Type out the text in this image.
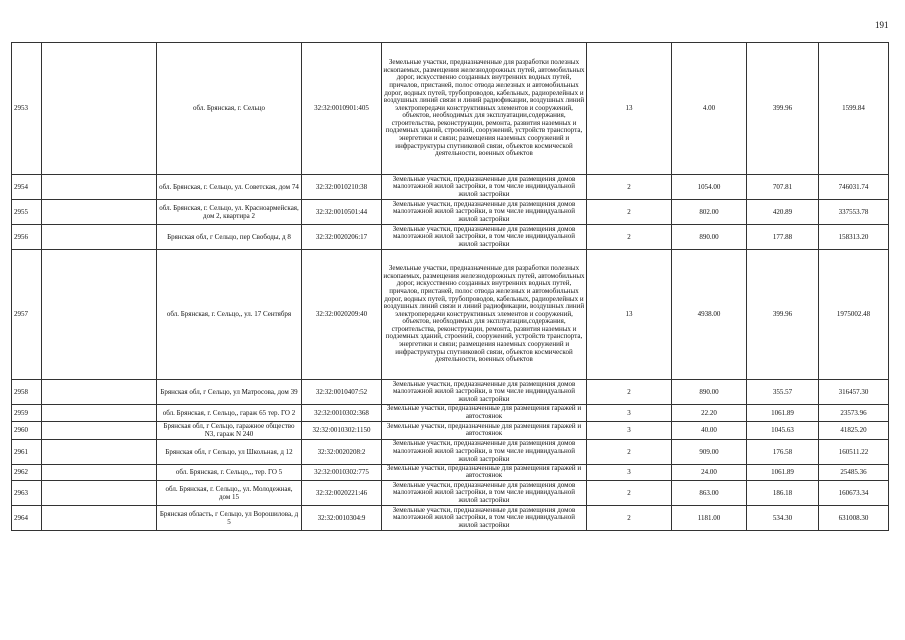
191
2953		обл. Брянская, г. Сельцо	32:32:0010901:405	Земельные участки, предназначенные для разработки полезных ископаемых, размещения железнодорожных путей, автомобильных дорог, искусственно созданных внутренних водных путей, причалов, пристаней, полос отвода железных и автомобильных дорог, водных путей, трубопроводов, кабельных, радиорелейных и воздушных линий связи и линий радиофикации, воздушных линий электропередачи конструктивных элементов и сооружений, объектов, необходимых для эксплуатации,содержания, строительства, реконструкции, ремонта, развития наземных и подземных зданий, строений, сооружений, устройств транспорта, энергетики и связи; размещения наземных сооружений и инфраструктуры спутниковой связи, объектов космической деятельности, военных объектов	13	4.00	399.96	1599.84
2954		обл. Брянская, г. Сельцо, ул. Советская, дом 74	32:32:0010210:38	Земельные участки, предназначенные для размещения домов малоэтажной жилой застройки, в том числе индивидуальной жилой застройки	2	1054.00	707.81	746031.74
2955		обл. Брянская, г. Сельцо, ул. Красноармейская, дом 2, квартира 2	32:32:0010501:44	Земельные участки, предназначенные для размещения домов малоэтажной жилой застройки, в том числе индивидуальной жилой застройки	2	802.00	420.89	337553.78
2956		Брянская обл, г Сельцо, пер Свободы, д 8	32:32:0020206:17	Земельные участки, предназначенные для размещения домов малоэтажной жилой застройки, в том числе индивидуальной жилой застройки	2	890.00	177.88	158313.20
2957		обл. Брянская, г. Сельцо,, ул. 17 Сентября	32:32:0020209:40	Земельные участки, предназначенные для разработки полезных ископаемых, размещения железнодорожных путей, автомобильных дорог, искусственно созданных внутренних водных путей, причалов, пристаней, полос отвода железных и автомобильных дорог, водных путей, трубопроводов, кабельных, радиорелейных и воздушных линий связи и линий радиофикации, воздушных линий электропередачи конструктивных элементов и сооружений, объектов, необходимых для эксплуатации,содержания, строительства, реконструкции, ремонта, развития наземных и подземных зданий, строений, сооружений, устройств транспорта, энергетики и связи; размещения наземных сооружений и инфраструктуры спутниковой связи, объектов космической деятельности, военных объектов	13	4938.00	399.96	1975002.48
2958		Брянская обл, г Сельцо, ул Матросова, дом 39	32:32:0010407:52	Земельные участки, предназначенные для размещения домов малоэтажной жилой застройки, в том числе индивидуальной жилой застройки	2	890.00	355.57	316457.30
2959		обл. Брянская, г. Сельцо,, гараж 65 тер. ГО 2	32:32:0010302:368	Земельные участки, предназначенные для размещения гаражей и автостоянок	3	22.20	1061.89	23573.96
2960		Брянская обл, г Сельцо, гаражное общество N3, гараж N 240	32:32:0010302:1150	Земельные участки, предназначенные для размещения гаражей и автостоянок	3	40.00	1045.63	41825.20
2961		Брянская обл, г Сельцо, ул Школьная, д 12	32:32:0020208:2	Земельные участки, предназначенные для размещения домов малоэтажной жилой застройки, в том числе индивидуальной жилой застройки	2	909.00	176.58	160511.22
2962		обл. Брянская, г. Сельцо,,, тер. ГО 5	32:32:0010302:775	Земельные участки, предназначенные для размещения гаражей и автостоянок	3	24.00	1061.89	25485.36
2963		обл. Брянская, г. Сельцо,, ул. Молодежная, дом 15	32:32:0020221:46	Земельные участки, предназначенные для размещения домов малоэтажной жилой застройки, в том числе индивидуальной жилой застройки	2	863.00	186.18	160673.34
2964		Брянская область, г Сельцо, ул Ворошилова, д 5	32:32:0010304:9	Земельные участки, предназначенные для размещения домов малоэтажной жилой застройки, в том числе индивидуальной жилой застройки	2	1181.00	534.30	631008.30
